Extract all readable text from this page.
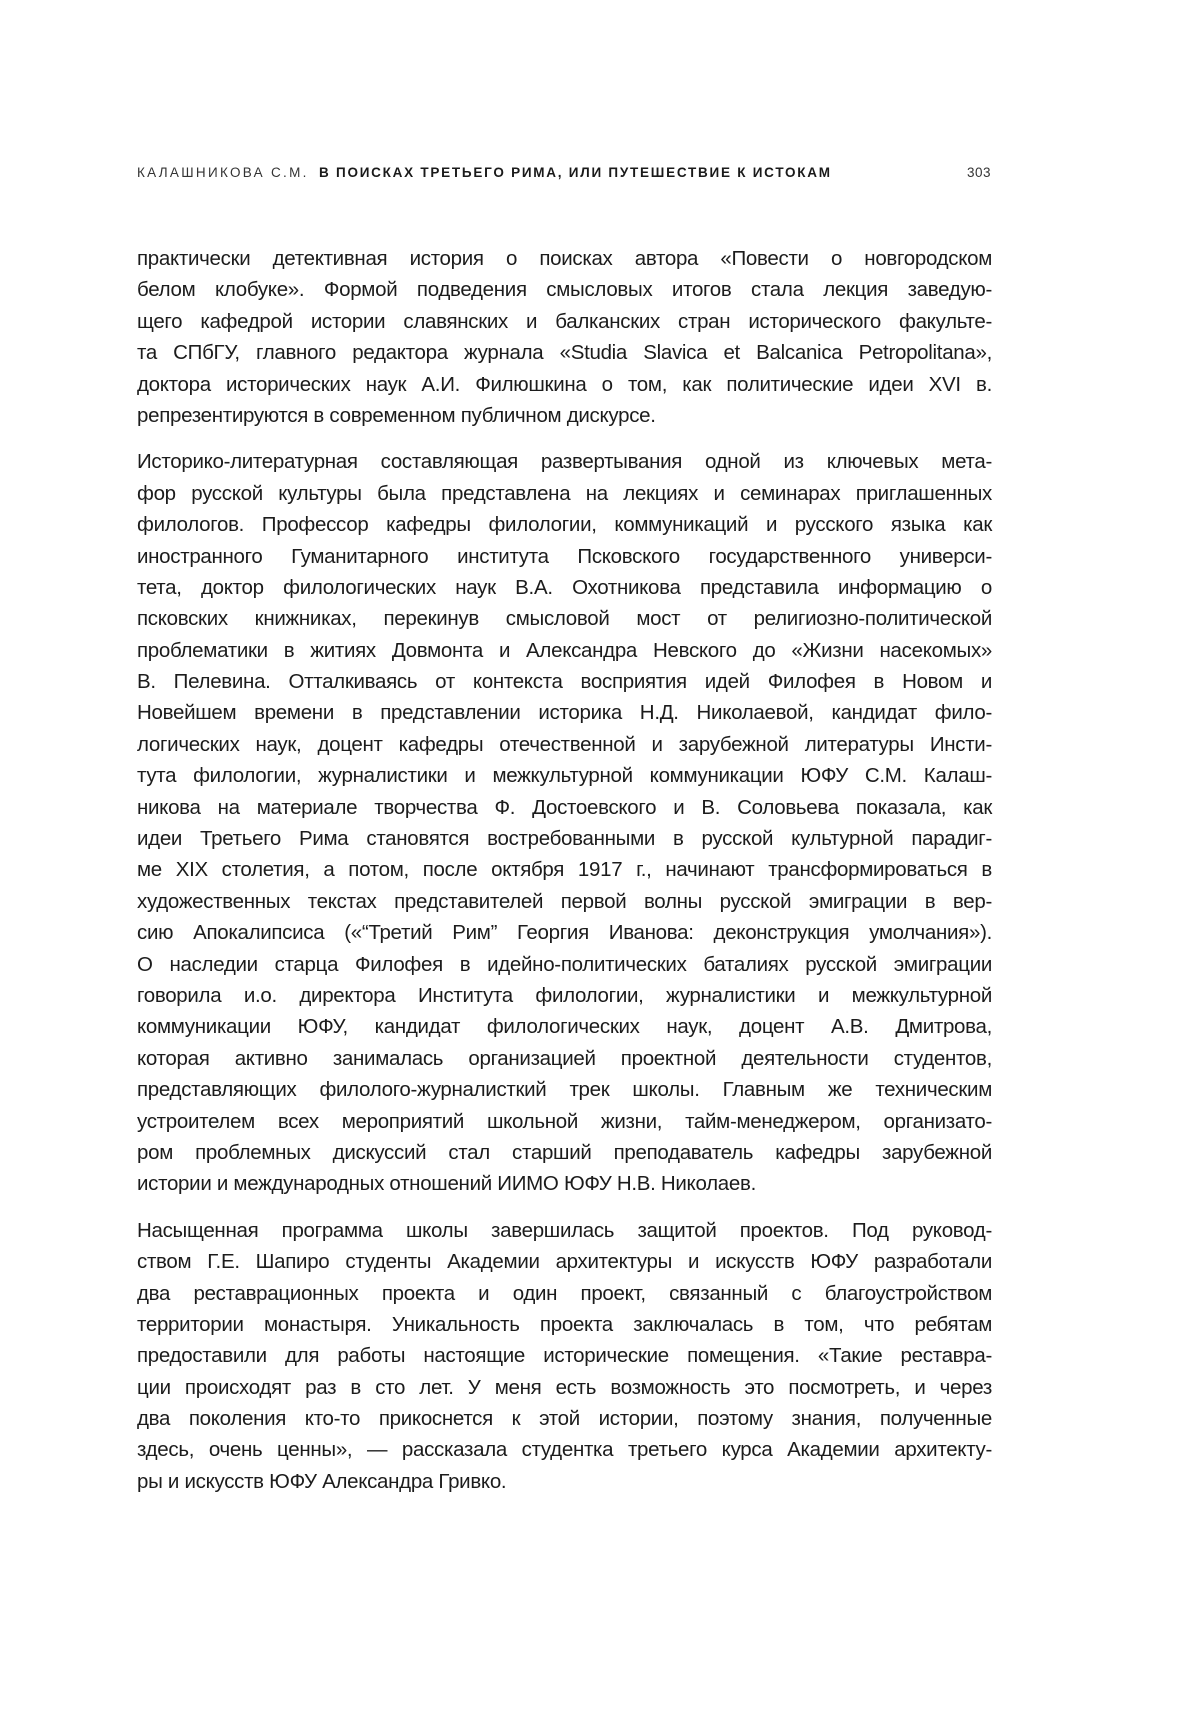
КАЛАШНИКОВА С.М. В ПОИСКАХ ТРЕТЬЕГО РИМА, ИЛИ ПУТЕШЕСТВИЕ К ИСТОКАМ	303

практически детективная история о поисках автора «Повести о новгородском
белом клобуке». Формой подведения смысловых итогов стала лекция заведую-
щего кафедрой истории славянских и балканских стран исторического факульте-
та СПбГУ, главного редактора журнала «Studia Slavica et Balcanica Petropolitana»,
доктора исторических наук А.И. Филюшкина о том, как политические идеи XVI в.
репрезентируются в современном публичном дискурсе.

Историко-литературная составляющая развертывания одной из ключевых мета-
фор русской культуры была представлена на лекциях и семинарах приглашенных
филологов. Профессор кафедры филологии, коммуникаций и русского языка как
иностранного Гуманитарного института Псковского государственного универси-
тета, доктор филологических наук В.А. Охотникова представила информацию о
псковских книжниках, перекинув смысловой мост от религиозно-политической
проблематики в житиях Довмонта и Александра Невского до «Жизни насекомых»
В. Пелевина. Отталкиваясь от контекста восприятия идей Филофея в Новом и
Новейшем времени в представлении историка Н.Д. Николаевой, кандидат фило-
логических наук, доцент кафедры отечественной и зарубежной литературы Инсти-
тута филологии, журналистики и межкультурной коммуникации ЮФУ С.М. Калаш-
никова на материале творчества Ф. Достоевского и В. Соловьева показала, как
идеи Третьего Рима становятся востребованными в русской культурной парадиг-
ме XIX столетия, а потом, после октября 1917 г., начинают трансформироваться в
художественных текстах представителей первой волны русской эмиграции в вер-
сию Апокалипсиса («“Третий Рим” Георгия Иванова: деконструкция умолчания»).
О наследии старца Филофея в идейно-политических баталиях русской эмиграции
говорила и.о. директора Института филологии, журналистики и межкультурной
коммуникации ЮФУ, кандидат филологических наук, доцент А.В. Дмитрова,
которая активно занималась организацией проектной деятельности студентов,
представляющих филолого-журналисткий трек школы. Главным же техническим
устроителем всех мероприятий школьной жизни, тайм-менеджером, организато-
ром проблемных дискуссий стал старший преподаватель кафедры зарубежной
истории и международных отношений ИИМО ЮФУ Н.В. Николаев.

Насыщенная программа школы завершилась защитой проектов. Под руковод-
ством Г.Е. Шапиро студенты Академии архитектуры и искусств ЮФУ разработали
два реставрационных проекта и один проект, связанный с благоустройством
территории монастыря. Уникальность проекта заключалась в том, что ребятам
предоставили для работы настоящие исторические помещения. «Такие реставра-
ции происходят раз в сто лет. У меня есть возможность это посмотреть, и через
два поколения кто-то прикоснется к этой истории, поэтому знания, полученные
здесь, очень ценны», — рассказала студентка третьего курса Академии архитекту-
ры и искусств ЮФУ Александра Гривко.
